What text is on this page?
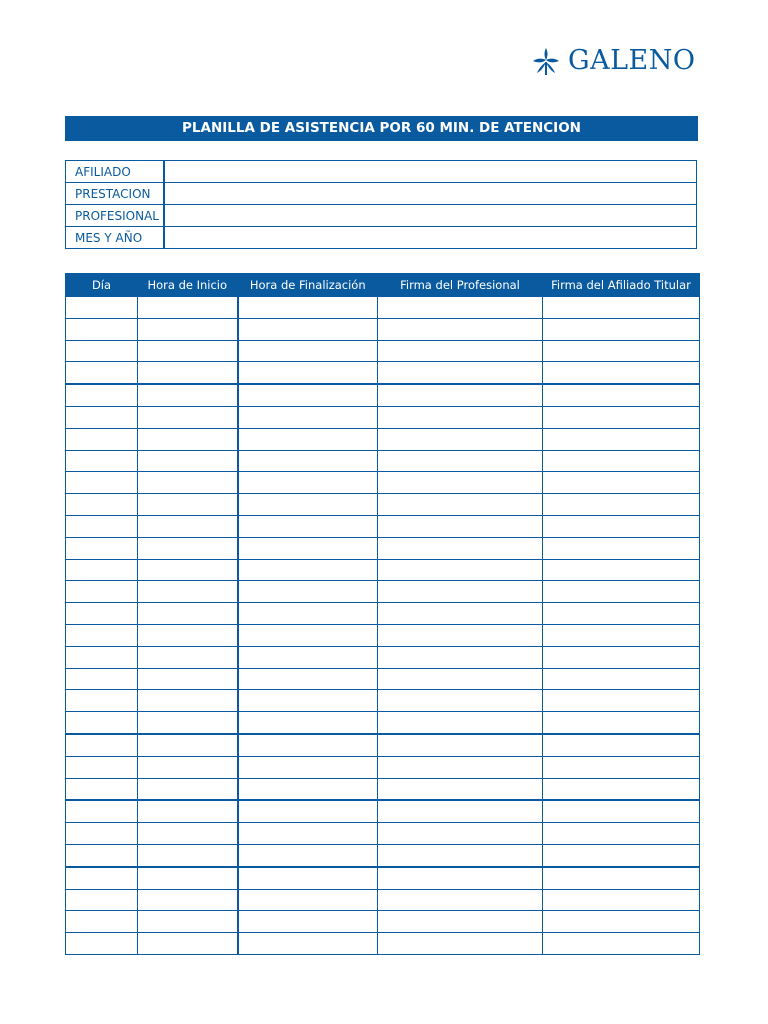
GALENO
PLANILLA DE ASISTENCIA POR 60 MIN. DE ATENCION
AFILIADO	
PRESTACION	
PROFESIONAL	
MES Y AÑO	
Día	Hora de Inicio	Hora de Finalización	Firma del Profesional	Firma del Afiliado Titular
